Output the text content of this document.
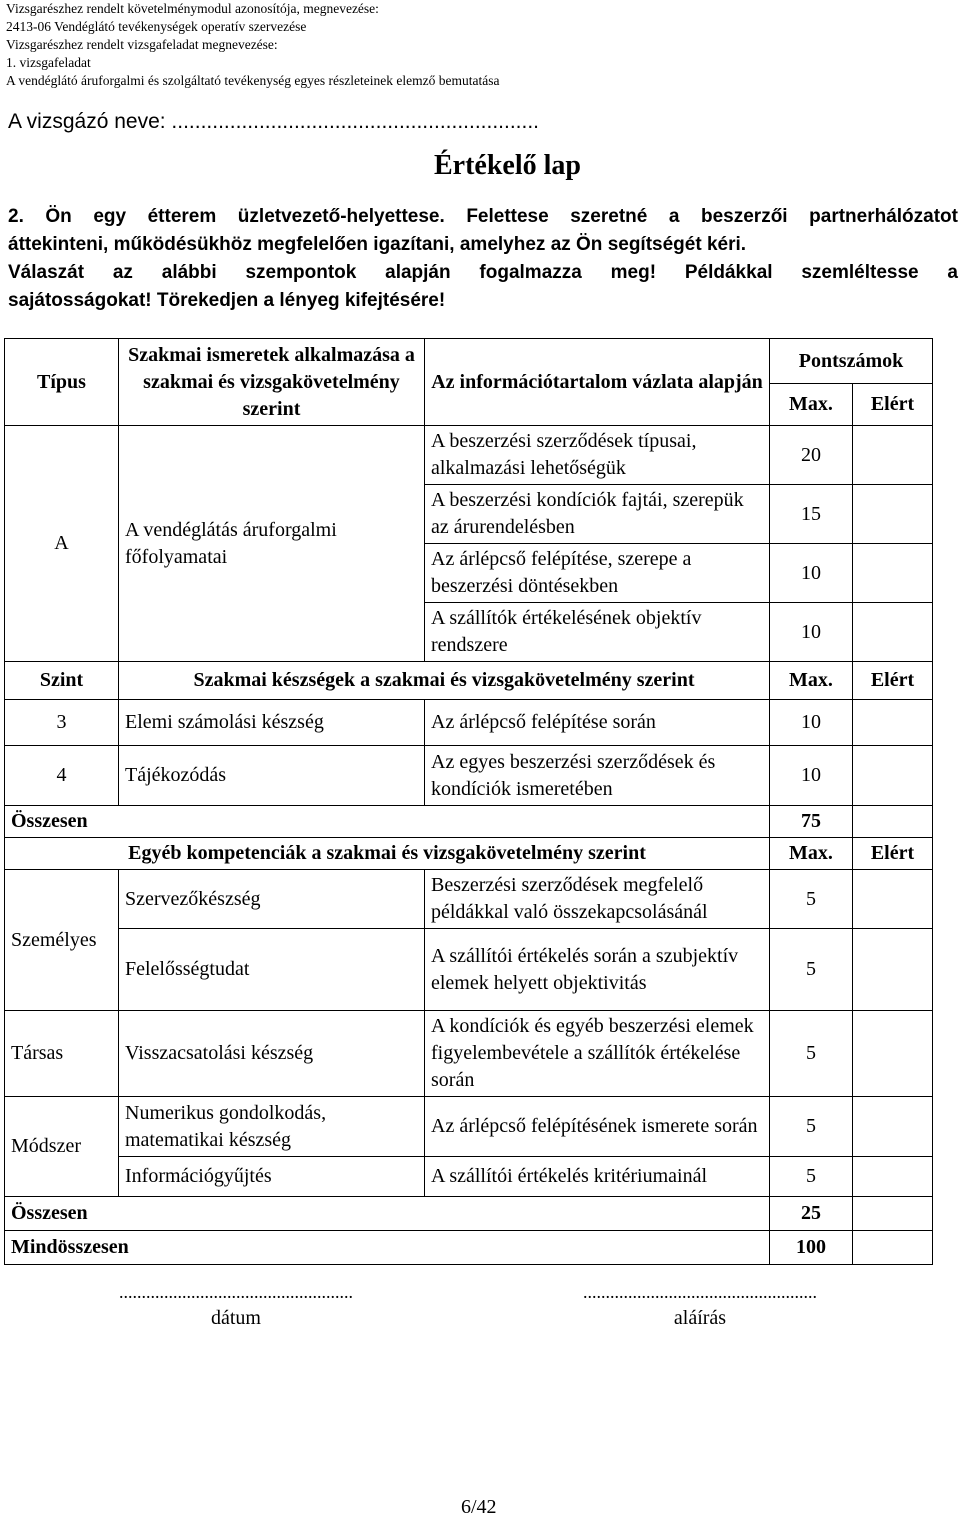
Vizsgarészhez rendelt követelménymodul azonosítója, megnevezése:
2413-06 Vendéglátó tevékenységek operatív szervezése
Vizsgarészhez rendelt vizsgafeladat megnevezése:
1. vizsgafeladat
A vendéglátó áruforgalmi és szolgáltató tevékenység egyes részleteinek elemző bemutatása
A vizsgázó neve: ...............................................................
Értékelő lap
2. Ön egy étterem üzletvezető-helyettese. Felettese szeretné a beszerzői partnerhálózatot
áttekinteni, működésükhöz megfelelően igazítani, amelyhez az Ön segítségét kéri.
Válaszát az alábbi szempontok alapján fogalmazza meg! Példákkal szemléltesse a
sajátosságokat! Törekedjen a lényeg kifejtésére!
Típus	Szakmai ismeretek alkalmazása a szakmai és vizsgakövetelmény szerint	Az információtartalom vázlata alapján	Pontszámok	
			Max.	Elért
A	A vendéglátás áruforgalmi főfolyamatai	A beszerzési szerződések típusai, alkalmazási lehetőségük	20	
		A beszerzési kondíciók fajtái, szerepük az árurendelésben	15	
		Az árlépcső felépítése, szerepe a beszerzési döntésekben	10	
		A szállítók értékelésének objektív rendszere	10	
Szint	Szakmai készségek a szakmai és vizsgakövetelmény szerint		Max.	Elért
3	Elemi számolási készség	Az árlépcső felépítése során	10	
4	Tájékozódás	Az egyes beszerzési szerződések és kondíciók ismeretében	10	
Összesen			75	
Egyéb kompetenciák a szakmai és vizsgakövetelmény szerint			Max.	Elért
Személyes	Szervezőkészség	Beszerzési szerződések megfelelő példákkal való összekapcsolásánál	5	
	Felelősségtudat	A szállítói értékelés során a szubjektív elemek helyett objektivitás	5	
Társas	Visszacsatolási készség	A kondíciók és egyéb beszerzési elemek figyelembevétele a szállítók értékelése során	5	
Módszer	Numerikus gondolkodás, matematikai készség	Az árlépcső felépítésének ismerete során	5	
	Információgyűjtés	A szállítói értékelés kritériumainál	5	
Összesen			25	
Mindösszesen			100	
....................................................
dátum
....................................................
aláírás
6/42
